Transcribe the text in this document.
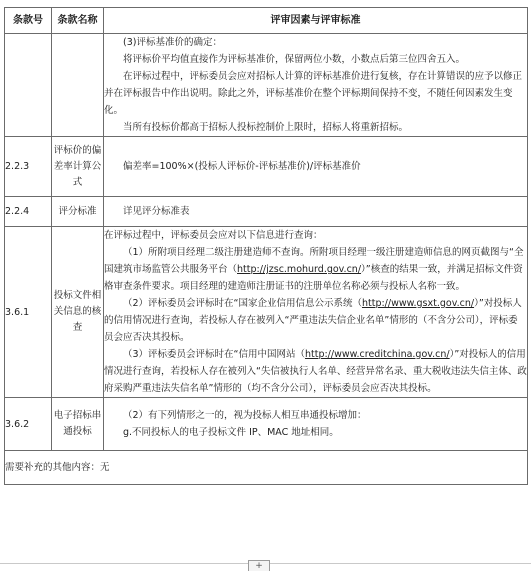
条款号	条款名称	评审因素与评审标准

		(3)评标基准价的确定：

将评标价平均值直接作为评标基准价，保留两位小数，小数点后第三位四舍五入。

在评标过程中，评标委员会应对招标人计算的评标基准价进行复核，存在计算错误的应予以修正并在评标报告中作出说明。除此之外，评标基准价在整个评标期间保持不变，不随任何因素发生变化。

当所有投标价都高于招标人投标控制价上限时，招标人将重新招标。

2.2.3	评标价的偏差率计算公式	偏差率=100%×(投标人评标价-评标基准价)/评标基准价

2.2.4	评分标准	详见评分标准表

3.6.1	投标文件相关信息的核查	在评标过程中，评标委员会应对以下信息进行查询：

（1）所附项目经理二级注册建造师不查询。所附项目经理一级注册建造师信息的网页截图与“全国建筑市场监管公共服务平台（http://jzsc.mohurd.gov.cn/）”核查的结果一致，并满足招标文件资格审查条件要求。项目经理的建造师注册证书的注册单位名称必须与投标人名称一致。

（2）评标委员会评标时在“国家企业信用信息公示系统（http://www.gsxt.gov.cn/）”对投标人的信用情况进行查询，若投标人存在被列入“严重违法失信企业名单”情形的（不含分公司），评标委员会应否决其投标。

（3）评标委员会评标时在“信用中国网站（http://www.creditchina.gov.cn/）”对投标人的信用情况进行查询，若投标人存在被列入“失信被执行人名单、经营异常名录、重大税收违法失信主体、政府采购严重违法失信名单”情形的（均不含分公司），评标委员会应否决其投标。

3.6.2	电子招标串通投标	（2）有下列情形之一的，视为投标人相互串通投标增加：

g.不同投标人的电子投标文件 IP、MAC 地址相同。

需要补充的其他内容：无		
+
